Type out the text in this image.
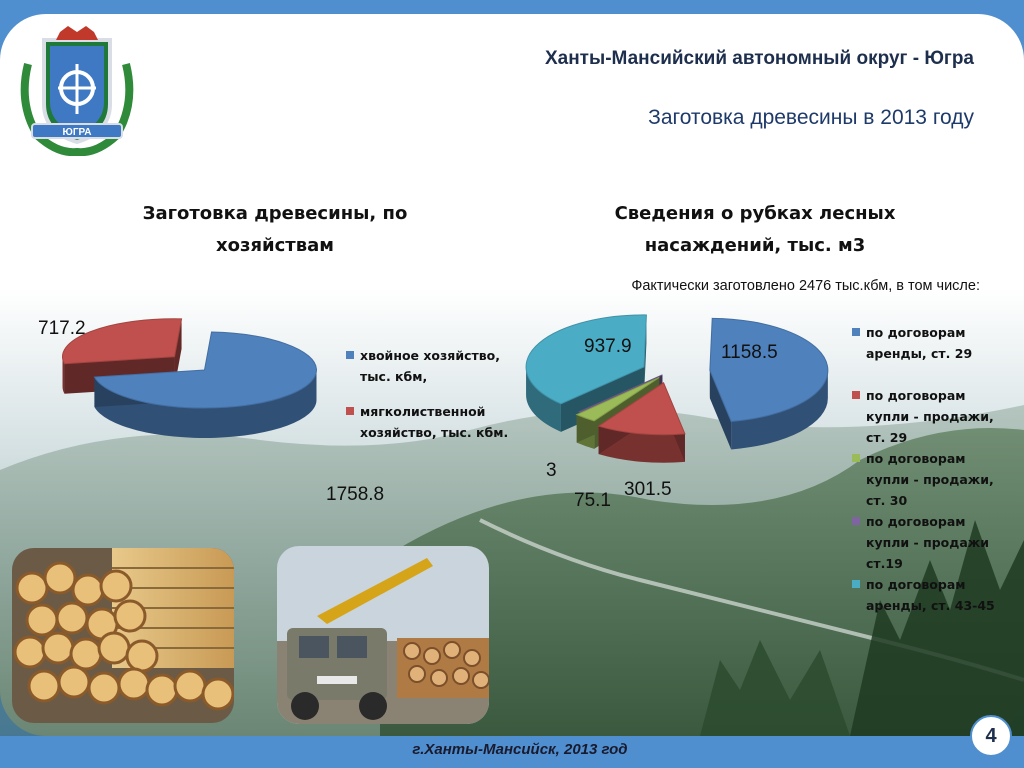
ЮГРА
Ханты-Мансийский автономный округ - Югра
Заготовка древесины в 2013 году
Заготовка древесины, по хозяйствам
717.2
1758.8
хвойное хозяйство, тыс. кбм,
мягколиственной хозяйство, тыс. кбм.
Сведения о рубках лесных насаждений, тыс. м3
Фактически заготовлено 2476 тыс.кбм, в том числе:
1158.5
301.5
75.1
3
937.9
по договорам аренды, ст. 29
по договорам купли - продажи, ст. 29
по договорам купли - продажи, ст. 30
по договорам купли - продажи ст.19
по договорам аренды, ст. 43-45
г.Ханты-Мансийск, 2013 год
4
